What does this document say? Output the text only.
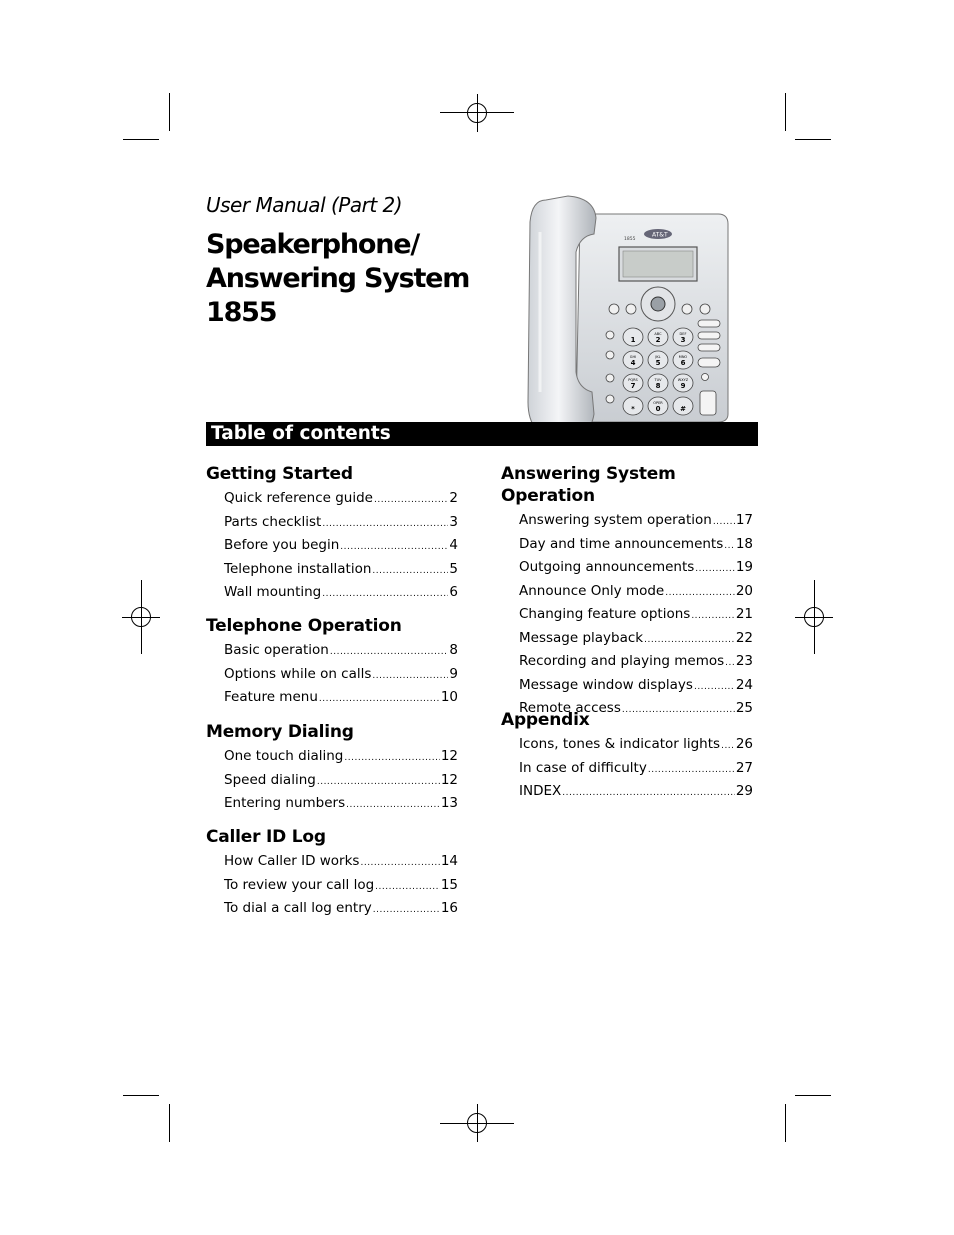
User Manual (Part 2)
Speakerphone/
Answering System
1855
AT&T
1855
1
ABC
2
DEF
3
GHI
4
JKL
5
MNO
6
PQRS
7
TUV
8
WXYZ
9
*
OPER
0	#
Table of contents
Getting Started
Quick reference guide .....	2
Parts checklist .....	3
Before you begin .....	4
Telephone installation .....	5
Wall mounting .....	6
Telephone Operation
Basic operation .....	8
Options while on calls .....	9
Feature menu .....	10
Memory Dialing
One touch dialing .....	12
Speed dialing .....	12
Entering numbers .....	13
Caller ID Log
How Caller ID works .....	14
To review your call log .....	15
To dial a call log entry .....	16
Answering System Operation
Answering system operation ..... 17
Day and time announcements ..... 18
Outgoing announcements .....	19
Announce Only mode .....	20
Changing feature options .....	21
Message playback .....	22
Recording and playing memos ..... 23
Message window displays .....	24
Remote access .....	25
Appendix
Icons, tones & indicator lights ..... 26
In case of difficulty .....	27
INDEX .....	29
